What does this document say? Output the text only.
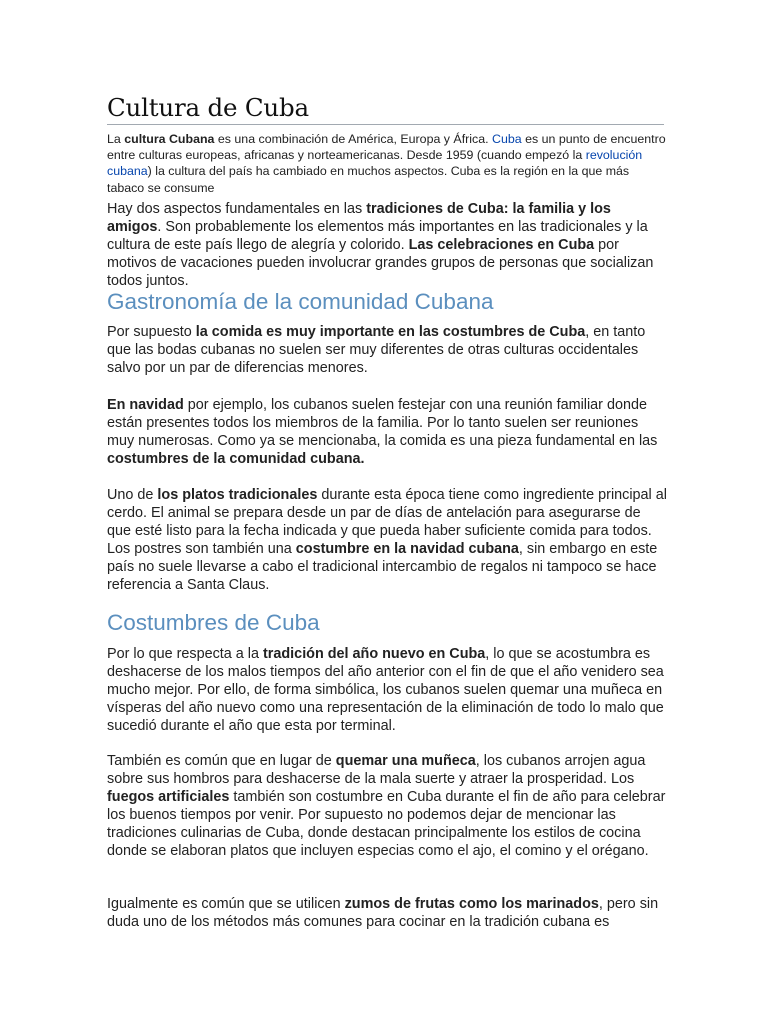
Cultura de Cuba

La cultura Cubana es una combinación de América, Europa y África. Cuba es un punto de encuentro entre culturas europeas, africanas y norteamericanas. Desde 1959 (cuando empezó la revolución cubana) la cultura del país ha cambiado en muchos aspectos. Cuba es la región en la que más tabaco se consume

Hay dos aspectos fundamentales en las tradiciones de Cuba: la familia y los amigos. Son probablemente los elementos más importantes en las tradicionales y la cultura de este país llego de alegría y colorido. Las celebraciones en Cuba por motivos de vacaciones pueden involucrar grandes grupos de personas que socializan todos juntos.

Gastronomía de la comunidad Cubana

Por supuesto la comida es muy importante en las costumbres de Cuba, en tanto que las bodas cubanas no suelen ser muy diferentes de otras culturas occidentales salvo por un par de diferencias menores.

En navidad por ejemplo, los cubanos suelen festejar con una reunión familiar donde están presentes todos los miembros de la familia. Por lo tanto suelen ser reuniones muy numerosas. Como ya se mencionaba, la comida es una pieza fundamental en las costumbres de la comunidad cubana.

Uno de los platos tradicionales durante esta época tiene como ingrediente principal al cerdo. El animal se prepara desde un par de días de antelación para asegurarse de que esté listo para la fecha indicada y que pueda haber suficiente comida para todos. Los postres son también una costumbre en la navidad cubana, sin embargo en este país no suele llevarse a cabo el tradicional intercambio de regalos ni tampoco se hace referencia a Santa Claus.

Costumbres de Cuba

Por lo que respecta a la tradición del año nuevo en Cuba, lo que se acostumbra es deshacerse de los malos tiempos del año anterior con el fin de que el año venidero sea mucho mejor. Por ello, de forma simbólica, los cubanos suelen quemar una muñeca en vísperas del año nuevo como una representación de la eliminación de todo lo malo que sucedió durante el año que esta por terminal.

También es común que en lugar de quemar una muñeca, los cubanos arrojen agua sobre sus hombros para deshacerse de la mala suerte y atraer la prosperidad. Los fuegos artificiales también son costumbre en Cuba durante el fin de año para celebrar los buenos tiempos por venir. Por supuesto no podemos dejar de mencionar las tradiciones culinarias de Cuba, donde destacan principalmente los estilos de cocina donde se elaboran platos que incluyen especias como el ajo, el comino y el orégano.

Igualmente es común que se utilicen zumos de frutas como los marinados, pero sin duda uno de los métodos más comunes para cocinar en la tradición cubana es
